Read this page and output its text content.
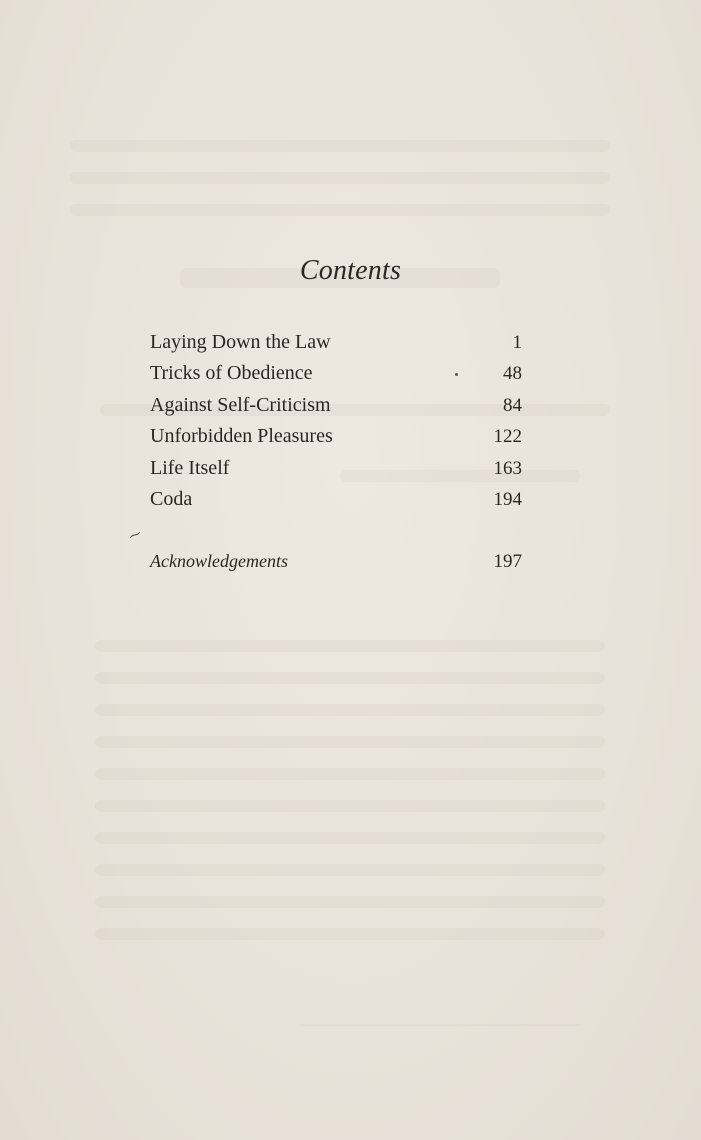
Contents
Laying Down the Law	1
Tricks of Obedience	48
Against Self-Criticism	84
Unforbidden Pleasures	122
Life Itself	163
Coda	194
Acknowledgements	197
⁓
